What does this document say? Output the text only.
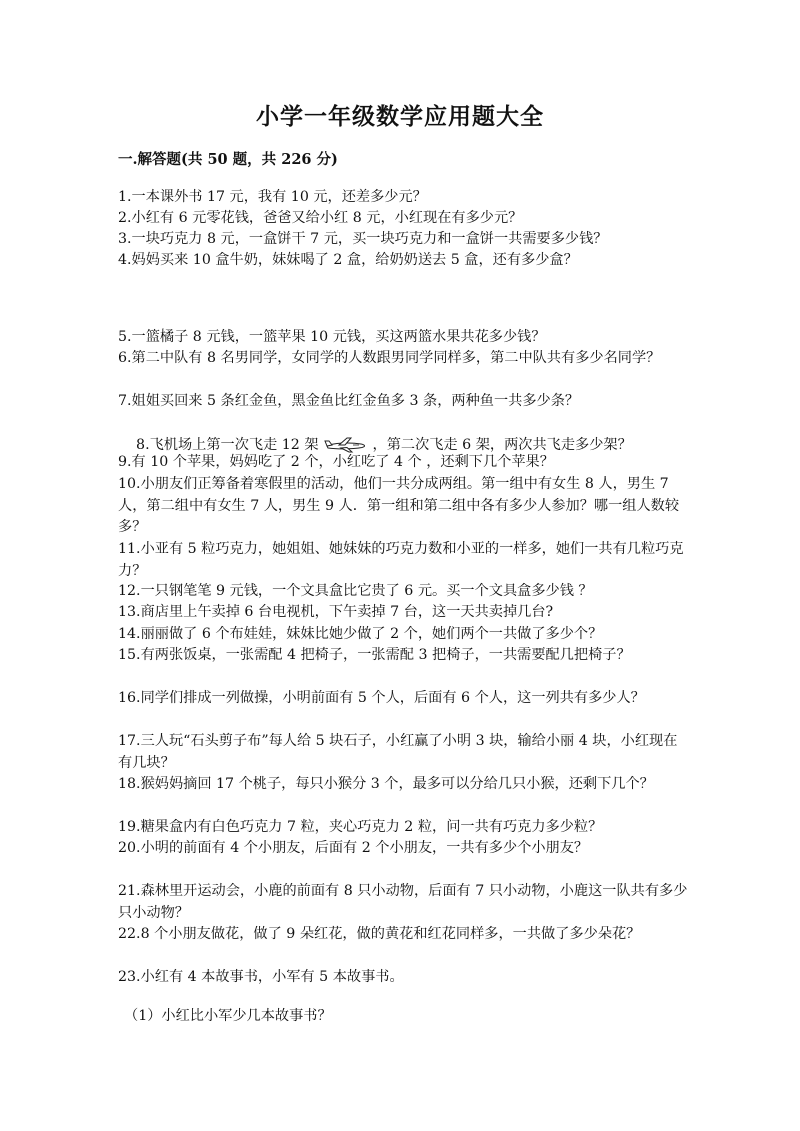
小学一年级数学应用题大全
一.解答题(共 50 题，共 226 分)
1.一本课外书 17 元，我有 10 元，还差多少元？
2.小红有 6 元零花钱，爸爸又给小红 8 元，小红现在有多少元？
3.一块巧克力 8 元，一盒饼干 7 元，买一块巧克力和一盒饼一共需要多少钱？
4.妈妈买来 10 盒牛奶，妹妹喝了 2 盒，给奶奶送去 5 盒，还有多少盒？
5.一篮橘子 8 元钱，一篮苹果 10 元钱，买这两篮水果共花多少钱？
6.第二中队有 8 名男同学，女同学的人数跟男同学同样多，第二中队共有多少名同学？
7.姐姐买回来 5 条红金鱼，黑金鱼比红金鱼多 3 条，两种鱼一共多少条？

8.飞机场上第一次飞走 12 架	，第二次飞走 6 架，两次共飞走多少架？

9.有 10 个苹果，妈妈吃了 2 个，小红吃了 4 个 ，还剩下几个苹果？
10.小朋友们正筹备着寒假里的活动，他们一共分成两组。第一组中有女生 8 人，男生 7 人，第二组中有女生 7 人，男生 9 人．第一组和第二组中各有多少人参加？哪一组人数较多？
11.小亚有 5 粒巧克力，她姐姐、她妹妹的巧克力数和小亚的一样多，她们一共有几粒巧克力？
12.一只钢笔笔 9 元钱，一个文具盒比它贵了 6 元。买一个文具盒多少钱 ？
13.商店里上午卖掉 6 台电视机，下午卖掉 7 台，这一天共卖掉几台?
14.丽丽做了 6 个布娃娃，妹妹比她少做了 2 个，她们两个一共做了多少个？
15.有两张饭桌，一张需配 4 把椅子，一张需配 3 把椅子，一共需要配几把椅子？
16.同学们排成一列做操，小明前面有 5 个人，后面有 6 个人，这一列共有多少人？
17.三人玩“石头剪子布”每人给 5 块石子，小红赢了小明 3 块，输给小丽 4 块，小红现在有几块？
18.猴妈妈摘回 17 个桃子，每只小猴分 3 个，最多可以分给几只小猴，还剩下几个？
19.糖果盒内有白色巧克力 7 粒，夹心巧克力 2 粒，问一共有巧克力多少粒？
20.小明的前面有 4 个小朋友，后面有 2 个小朋友，一共有多少个小朋友？
21.森林里开运动会，小鹿的前面有 8 只小动物，后面有 7 只小动物，小鹿这一队共有多少只小动物？
22.8 个小朋友做花，做了 9 朵红花，做的黄花和红花同样多，一共做了多少朵花？
23.小红有 4 本故事书，小军有 5 本故事书。
（1）小红比小军少几本故事书？
